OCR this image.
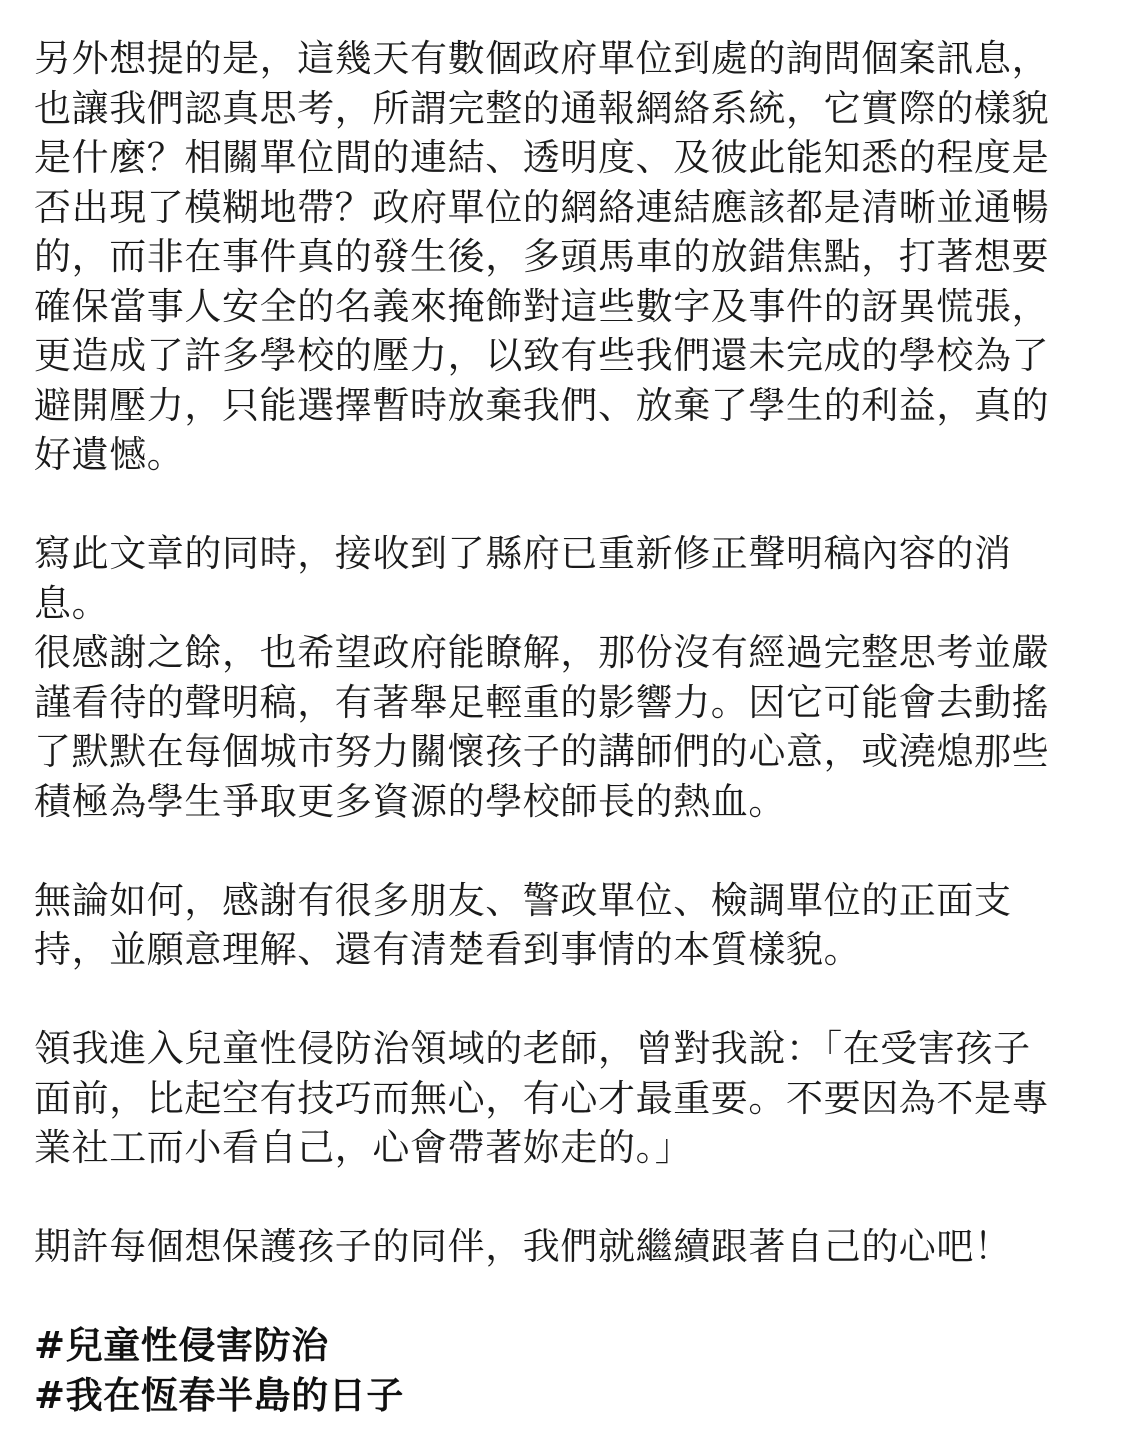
另外想提的是，這幾天有數個政府單位到處的詢問個案訊息，
也讓我們認真思考，所謂完整的通報網絡系統，它實際的樣貌
是什麼？相關單位間的連結、透明度、及彼此能知悉的程度是
否出現了模糊地帶？政府單位的網絡連結應該都是清晰並通暢
的，而非在事件真的發生後，多頭馬車的放錯焦點，打著想要
確保當事人安全的名義來掩飾對這些數字及事件的訝異慌張，
更造成了許多學校的壓力，以致有些我們還未完成的學校為了
避開壓力，只能選擇暫時放棄我們、放棄了學生的利益，真的
好遺憾。
寫此文章的同時，接收到了縣府已重新修正聲明稿內容的消
息。
很感謝之餘，也希望政府能瞭解，那份沒有經過完整思考並嚴
謹看待的聲明稿，有著舉足輕重的影響力。因它可能會去動搖
了默默在每個城市努力關懷孩子的講師們的心意，或澆熄那些
積極為學生爭取更多資源的學校師長的熱血。
無論如何，感謝有很多朋友、警政單位、檢調單位的正面支
持，並願意理解、還有清楚看到事情的本質樣貌。
領我進入兒童性侵防治領域的老師，曾對我說：「在受害孩子
面前，比起空有技巧而無心，有心才最重要。不要因為不是專
業社工而小看自己，心會帶著妳走的。」
期許每個想保護孩子的同伴，我們就繼續跟著自己的心吧！
#兒童性侵害防治
#我在恆春半島的日子
